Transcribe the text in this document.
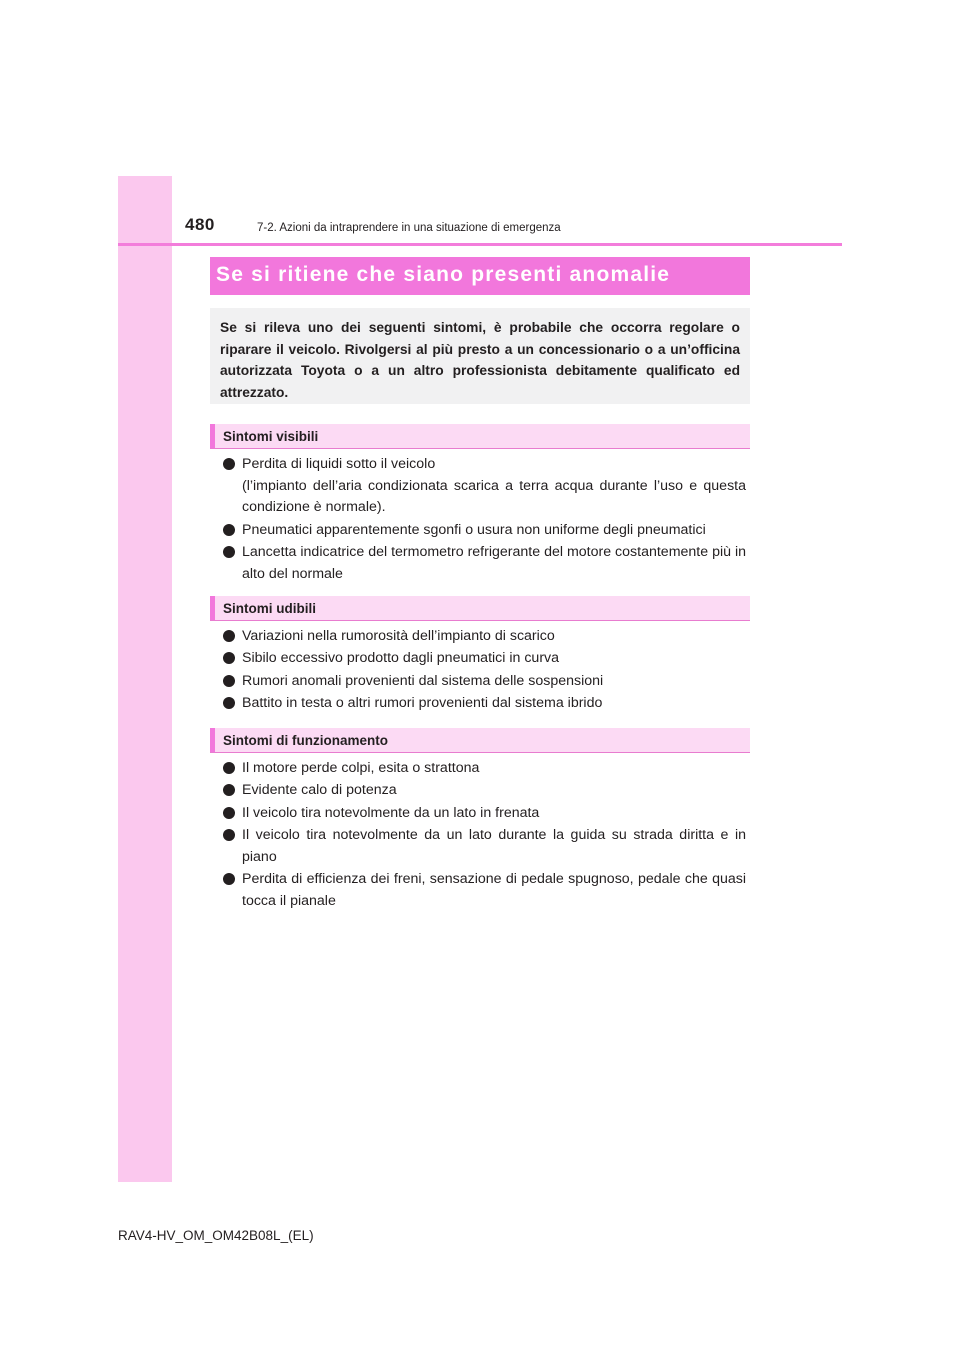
480	7-2. Azioni da intraprendere in una situazione di emergenza
Se si ritiene che siano presenti anomalie

Se si rileva uno dei seguenti sintomi, è probabile che occorra regolare o riparare il veicolo. Rivolgersi al più presto a un concessionario o a un’officina autorizzata Toyota o a un altro professionista debitamente qualificato ed attrezzato.

Sintomi visibili
Perdita di liquidi sotto il veicolo
(l’impianto dell’aria condizionata scarica a terra acqua durante l’uso e questa condizione è normale).
Pneumatici apparentemente sgonfi o usura non uniforme degli pneumatici
Lancetta indicatrice del termometro refrigerante del motore costantemente più in alto del normale
Sintomi udibili
Variazioni nella rumorosità dell’impianto di scarico
Sibilo eccessivo prodotto dagli pneumatici in curva
Rumori anomali provenienti dal sistema delle sospensioni
Battito in testa o altri rumori provenienti dal sistema ibrido
Sintomi di funzionamento
Il motore perde colpi, esita o strattona
Evidente calo di potenza
Il veicolo tira notevolmente da un lato in frenata
Il veicolo tira notevolmente da un lato durante la guida su strada diritta e in piano
Perdita di efficienza dei freni, sensazione di pedale spugnoso, pedale che quasi tocca il pianale
RAV4-HV_OM_OM42B08L_(EL)
